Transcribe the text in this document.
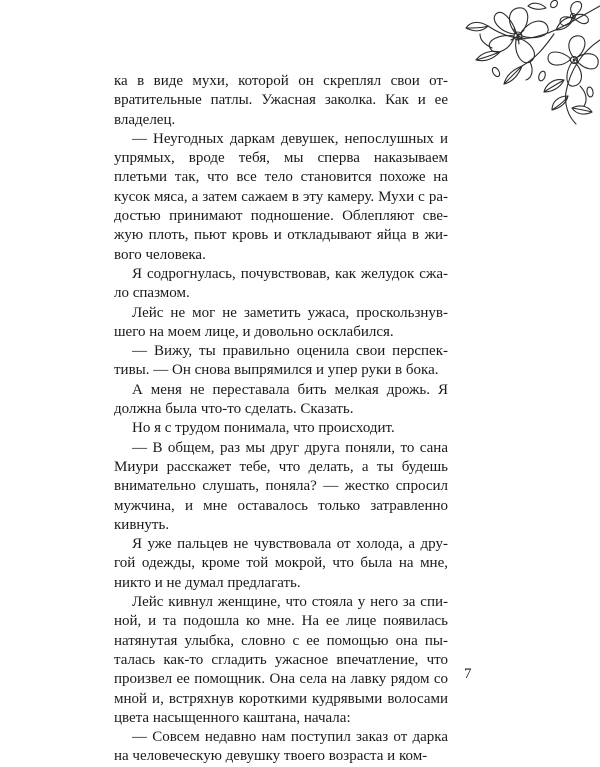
ка в виде мухи, которой он скреплял свои отвратительные патлы. Ужасная заколка. Как и ее владелец.

— Неугодных даркам девушек, непослушных и упрямых, вроде тебя, мы сперва наказываем плетьми так, что все тело становится похоже на кусок мяса, а затем сажаем в эту камеру. Мухи с радостью принимают подношение. Облепляют свежую плоть, пьют кровь и откладывают яйца в живого человека.

Я содрогнулась, почувствовав, как желудок сжало спазмом.

Лейс не мог не заметить ужаса, проскользнувшего на моем лице, и довольно осклабился.

— Вижу, ты правильно оценила свои перспективы. — Он снова выпрямился и упер руки в бока.

А меня не переставала бить мелкая дрожь. Я должна была что-то сделать. Сказать.

Но я с трудом понимала, что происходит.

— В общем, раз мы друг друга поняли, то сана Миури расскажет тебе, что делать, а ты будешь внимательно слушать, поняла? — жестко спросил мужчина, и мне оставалось только затравленно кивнуть.

Я уже пальцев не чувствовала от холода, а другой одежды, кроме той мокрой, что была на мне, никто и не думал предлагать.

Лейс кивнул женщине, что стояла у него за спиной, и та подошла ко мне. На ее лице появилась натянутая улыбка, словно с ее помощью она пыталась как-то сгладить ужасное впечатление, что произвел ее помощник. Она села на лавку рядом со мной и, встряхнув короткими кудрявыми волосами цвета насыщенного каштана, начала:

— Совсем недавно нам поступил заказ от дарка на человеческую девушку твоего возраста и ком-

7
